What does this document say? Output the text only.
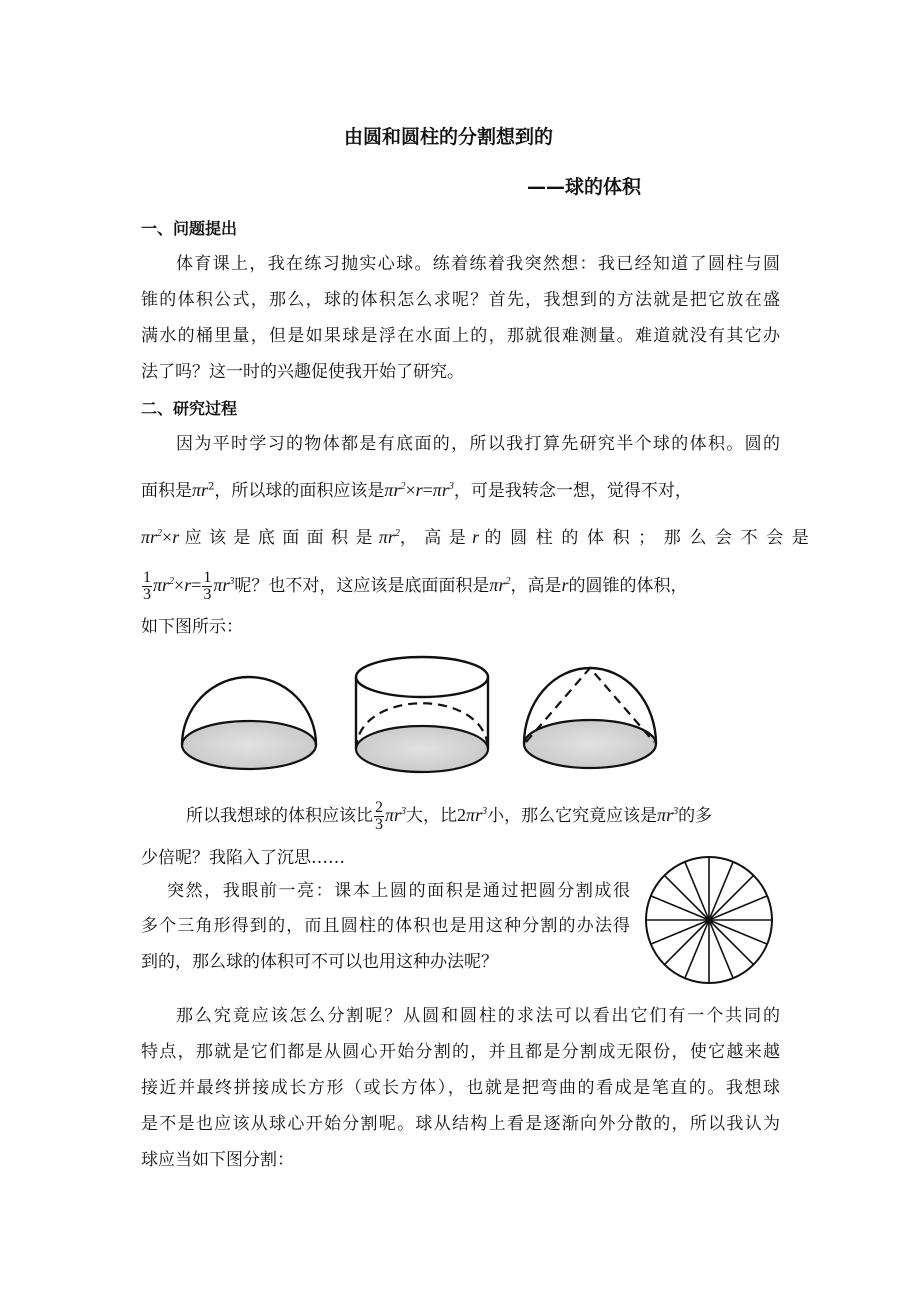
由圆和圆柱的分割想到的
——球的体积
一、问题提出
体育课上，我在练习抛实心球。练着练着我突然想：我已经知道了圆柱与圆
锥的体积公式，那么，球的体积怎么求呢？首先，我想到的方法就是把它放在盛
满水的桶里量，但是如果球是浮在水面上的，那就很难测量。难道就没有其它办
法了吗？这一时的兴趣促使我开始了研究。
二、研究过程
因为平时学习的物体都是有底面的，所以我打算先研究半个球的体积。圆的
面积是$\pi r^2$，所以球的面积应该是$\pi r^2\times r=\pi r^3$，可是我转念一想，觉得不对，
$\pi r^2\times r$ 应 该 是 底 面 面 积 是 $\pi r^2$， 高 是 r 的 圆 柱 的 体 积 ； 那 么 会 不 会 是
$\frac{1}{3} \pi r^2\times r= \frac{1}{3} \pi r^3$呢？也不对，这应该是底面面积是$\pi r^2$，高是r的圆锥的体积，
如下图所示：
所以我想球的体积应该比 $\frac{2}{3} \pi r^3$大，比$2\pi r^3$小，那么它究竟应该是$\pi r^3$的多
少倍呢？我陷入了沉思……
突然，我眼前一亮：课本上圆的面积是通过把圆分割成很
多个三角形得到的，而且圆柱的体积也是用这种分割的办法得
到的，那么球的体积可不可以也用这种办法呢？
那么究竟应该怎么分割呢？从圆和圆柱的求法可以看出它们有一个共同的
特点，那就是它们都是从圆心开始分割的，并且都是分割成无限份，使它越来越
接近并最终拼接成长方形（或长方体），也就是把弯曲的看成是笔直的。我想球
是不是也应该从球心开始分割呢。球从结构上看是逐渐向外分散的，所以我认为
球应当如下图分割：
